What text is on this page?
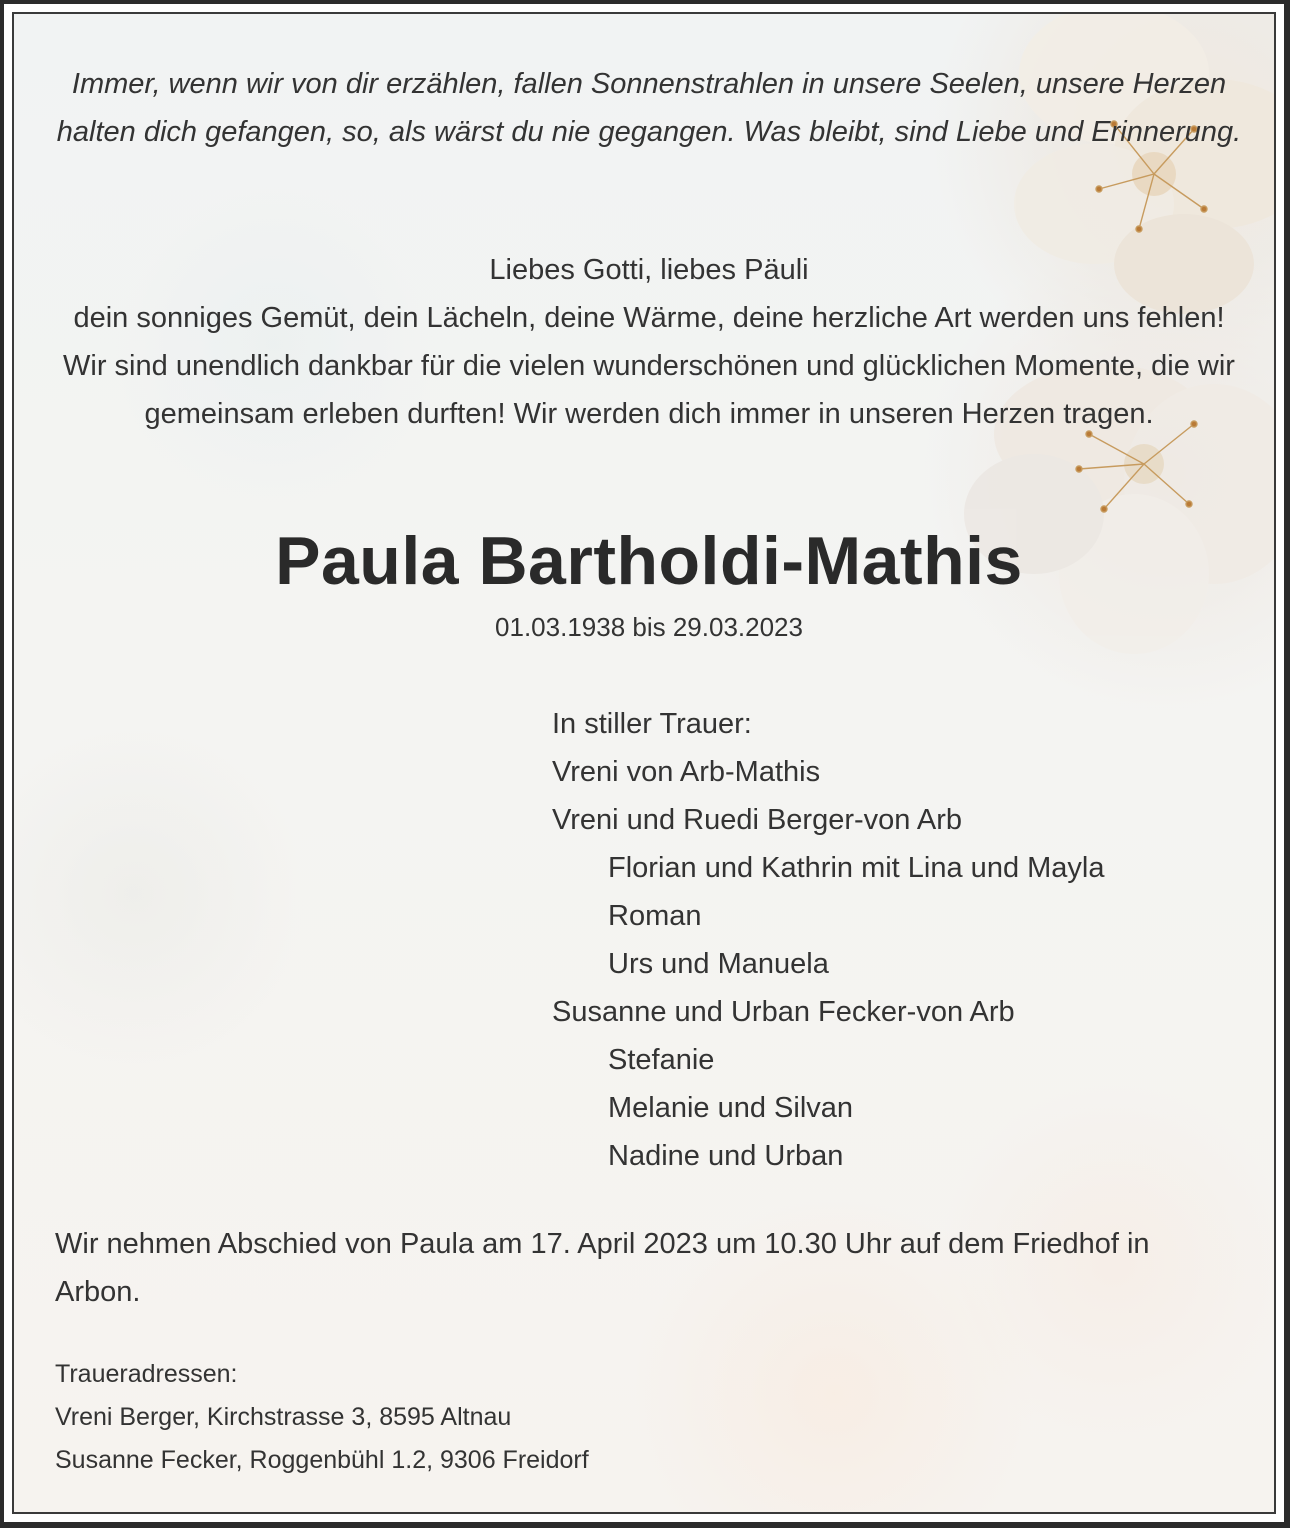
Immer, wenn wir von dir erzählen, fallen Sonnenstrahlen in unsere Seelen, unsere Herzen halten dich gefangen, so, als wärst du nie gegangen. Was bleibt, sind Liebe und Erinnerung.
Liebes Gotti, liebes Päuli
dein sonniges Gemüt, dein Lächeln, deine Wärme, deine herzliche Art werden uns fehlen! Wir sind unendlich dankbar für die vielen wunderschönen und glücklichen Momente, die wir gemeinsam erleben durften! Wir werden dich immer in unseren Herzen tragen.
Paula Bartholdi-Mathis
01.03.1938 bis 29.03.2023
In stiller Trauer:
Vreni von Arb-Mathis
Vreni und Ruedi Berger-von Arb
Florian und Kathrin mit Lina und Mayla
Roman
Urs und Manuela
Susanne und Urban Fecker-von Arb
Stefanie
Melanie und Silvan
Nadine und Urban
Wir nehmen Abschied von Paula am 17. April 2023 um 10.30 Uhr auf dem Friedhof in Arbon.
Traueradressen:
Vreni Berger, Kirchstrasse 3, 8595 Altnau
Susanne Fecker, Roggenbühl 1.2, 9306 Freidorf
